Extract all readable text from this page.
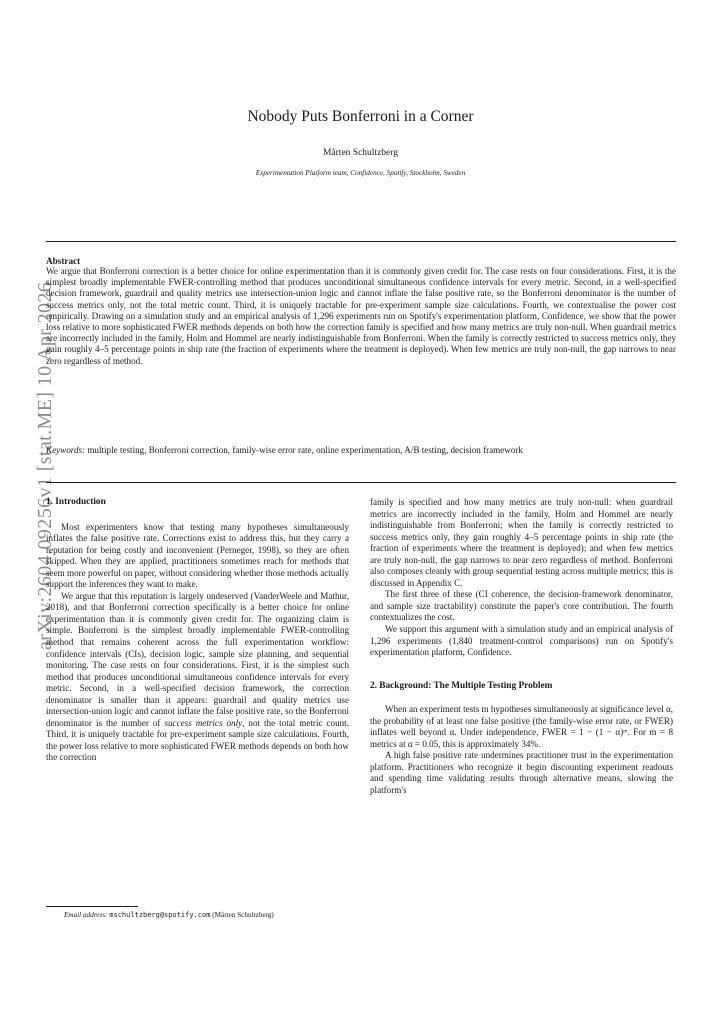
Nobody Puts Bonferroni in a Corner
Mårten Schultzberg
Experimentation Platform team, Confidence, Spotify, Stockholm, Sweden
arXiv:2604.09256v1 [stat.ME] 10 Apr 2026
Abstract
We argue that Bonferroni correction is a better choice for online experimentation than it is commonly given credit for. The case rests on four considerations. First, it is the simplest broadly implementable FWER-controlling method that produces unconditional simultaneous confidence intervals for every metric. Second, in a well-specified decision framework, guardrail and quality metrics use intersection-union logic and cannot inflate the false positive rate, so the Bonferroni denominator is the number of success metrics only, not the total metric count. Third, it is uniquely tractable for pre-experiment sample size calculations. Fourth, we contextualise the power cost empirically. Drawing on a simulation study and an empirical analysis of 1,296 experiments run on Spotify's experimentation platform, Confidence, we show that the power loss relative to more sophisticated FWER methods depends on both how the correction family is specified and how many metrics are truly non-null. When guardrail metrics are incorrectly included in the family, Holm and Hommel are nearly indistinguishable from Bonferroni. When the family is correctly restricted to success metrics only, they gain roughly 4–5 percentage points in ship rate (the fraction of experiments where the treatment is deployed). When few metrics are truly non-null, the gap narrows to near zero regardless of method.
Keywords: multiple testing, Bonferroni correction, family-wise error rate, online experimentation, A/B testing, decision framework
1. Introduction

Most experimenters know that testing many hypotheses simultaneously inflates the false positive rate. Corrections exist to address this, but they carry a reputation for being costly and inconvenient (Perneger, 1998), so they are often skipped. When they are applied, practitioners sometimes reach for methods that seem more powerful on paper, without considering whether those methods actually support the inferences they want to make.

We argue that this reputation is largely undeserved (VanderWeele and Mathur, 2018), and that Bonferroni correction specifically is a better choice for online experimentation than it is commonly given credit for. The organizing claim is simple. Bonferroni is the simplest broadly implementable FWER-controlling method that remains coherent across the full experimentation workflow: confidence intervals (CIs), decision logic, sample size planning, and sequential monitoring. The case rests on four considerations. First, it is the simplest such method that produces unconditional simultaneous confidence intervals for every metric. Second, in a well-specified decision framework, the correction denominator is smaller than it appears: guardrail and quality metrics use intersection-union logic and cannot inflate the false positive rate, so the Bonferroni denominator is the number of success metrics only, not the total metric count. Third, it is uniquely tractable for pre-experiment sample size calculations. Fourth, the power loss relative to more sophisticated FWER methods depends on both how the correction

family is specified and how many metrics are truly non-null: when guardrail metrics are incorrectly included in the family, Holm and Hommel are nearly indistinguishable from Bonferroni; when the family is correctly restricted to success metrics only, they gain roughly 4–5 percentage points in ship rate (the fraction of experiments where the treatment is deployed); and when few metrics are truly non-null, the gap narrows to near zero regardless of method. Bonferroni also composes cleanly with group sequential testing across multiple metrics; this is discussed in Appendix C.

The first three of these (CI coherence, the decision-framework denominator, and sample size tractability) constitute the paper's core contribution. The fourth contextualizes the cost.

We support this argument with a simulation study and an empirical analysis of 1,296 experiments (1,840 treatment-control comparisons) run on Spotify's experimentation platform, Confidence.

2. Background: The Multiple Testing Problem

When an experiment tests m hypotheses simultaneously at significance level α, the probability of at least one false positive (the family-wise error rate, or FWER) inflates well beyond α. Under independence, FWER = 1 − (1 − α)ᵐ. For m = 8 metrics at α = 0.05, this is approximately 34%.

A high false positive rate undermines practitioner trust in the experimentation platform. Practitioners who recognize it begin discounting experiment readouts and spending time validating results through alternative means, slowing the platform's

Email address: mschultzberg@spotify.com (Mårten Schultzberg)
